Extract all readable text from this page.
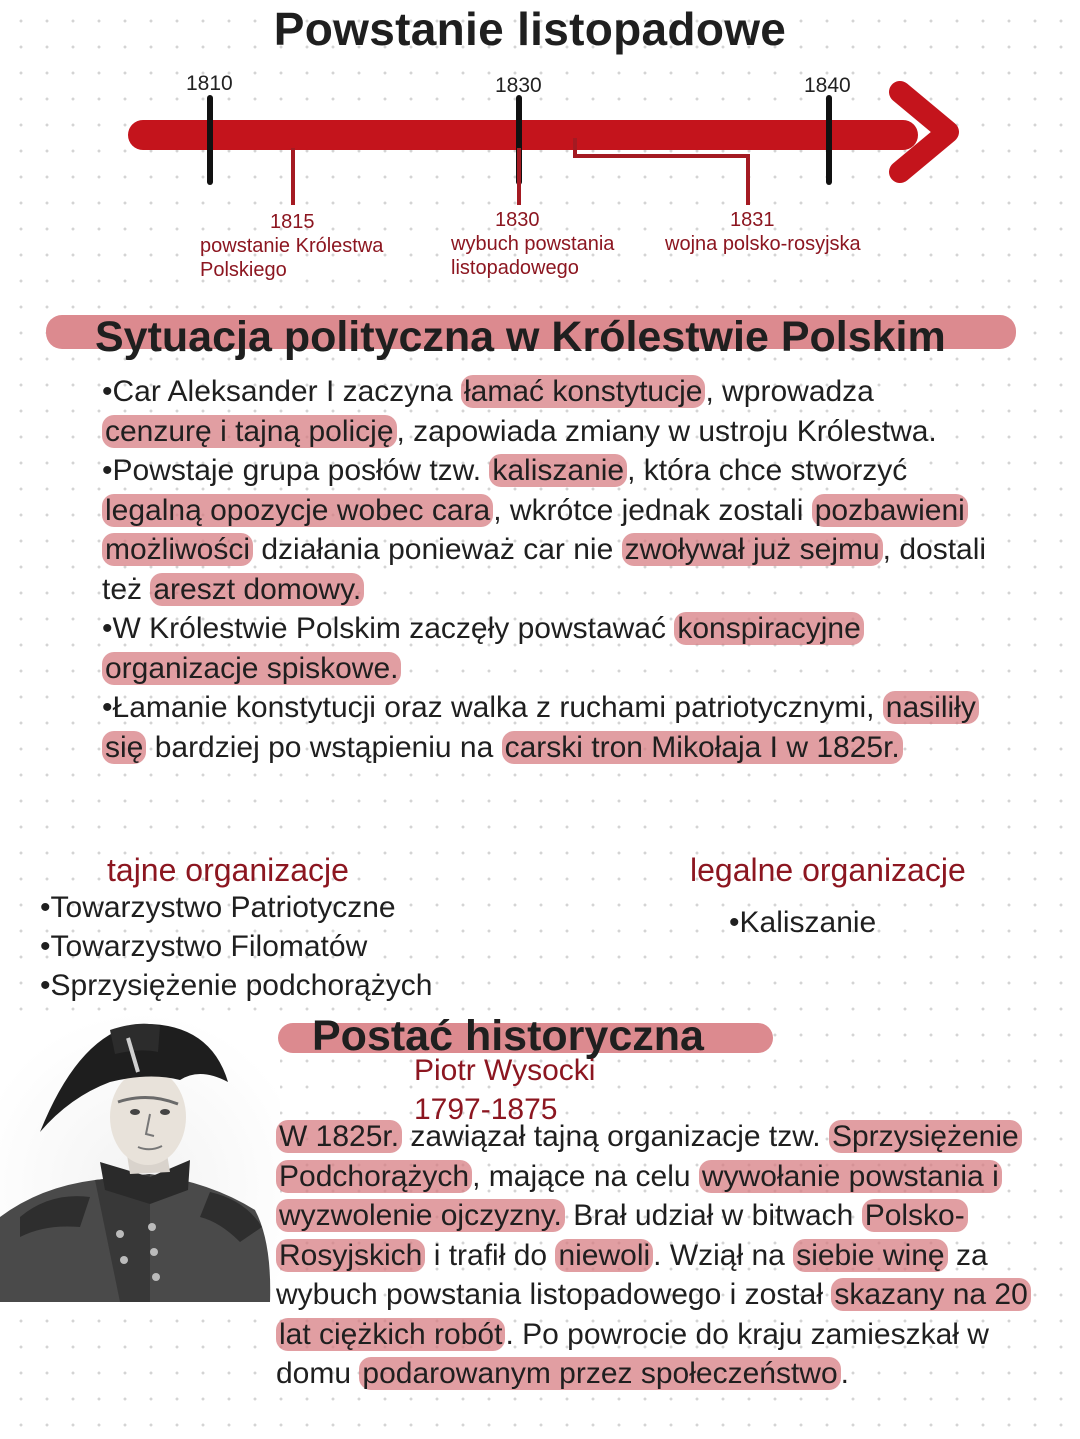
Powstanie listopadowe
1810	1830	1840
1815
powstanie Królestwa
Polskiego
1830
wybuch powstania
listopadowego
1831
wojna polsko-rosyjska
Sytuacja polityczna w Królestwie Polskim
•Car Aleksander I zaczyna łamać konstytucje , wprowadza
cenzurę i tajną policję , zapowiada zmiany w ustroju Królestwa.
•Powstaje grupa posłów tzw. kaliszanie , która chce stworzyć legalną opozycje wobec cara , wkrótce jednak zostali pozbawieni możliwości działania ponieważ car nie zwoływał już sejmu , dostali też areszt domowy.
•W Królestwie Polskim zaczęły powstawać konspiracyjne organizacje spiskowe.
•Łamanie konstytucji oraz walka z ruchami patriotycznymi, nasiliły się bardziej po wstąpieniu na carski tron Mikołaja I w 1825r.
tajne organizacje
•Towarzystwo Patriotyczne
•Towarzystwo Filomatów
•Sprzysiężenie podchorążych
legalne organizacje
•Kaliszanie
Postać historyczna
Piotr Wysocki
1797-1875
W 1825r. zawiązał tajną organizacje tzw. Sprzysiężenie Podchorążych , mające na celu wywołanie powstania i wyzwolenie ojczyzny. Brał udział w bitwach Polsko-Rosyjskich i trafił do niewoli . Wziął na siebie winę za wybuch powstania listopadowego i został skazany na 20 lat ciężkich robót . Po powrocie do kraju zamieszkał w domu podarowanym przez społeczeństwo .
